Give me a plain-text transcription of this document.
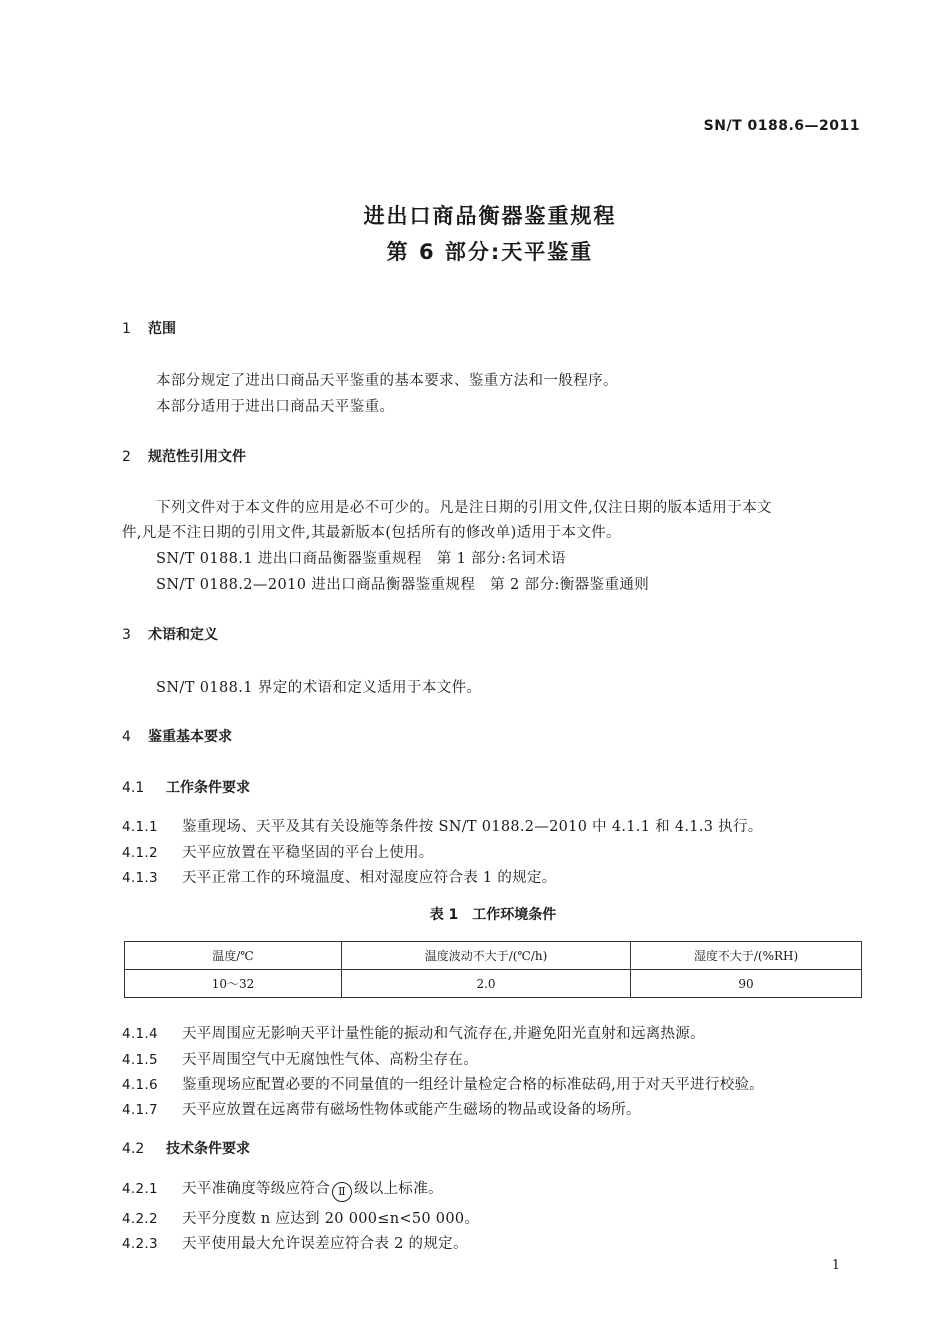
SN/T 0188.6—2011
进出口商品衡器鉴重规程
第 6 部分:天平鉴重
1 范围
本部分规定了进出口商品天平鉴重的基本要求、鉴重方法和一般程序。
本部分适用于进出口商品天平鉴重。
2 规范性引用文件
下列文件对于本文件的应用是必不可少的。凡是注日期的引用文件,仅注日期的版本适用于本文
件,凡是不注日期的引用文件,其最新版本(包括所有的修改单)适用于本文件。
SN/T 0188.1 进出口商品衡器鉴重规程　第 1 部分:名词术语
SN/T 0188.2—2010 进出口商品衡器鉴重规程　第 2 部分:衡器鉴重通则
3 术语和定义
SN/T 0188.1 界定的术语和定义适用于本文件。
4 鉴重基本要求
4.1 工作条件要求
4.1.1 鉴重现场、天平及其有关设施等条件按 SN/T 0188.2—2010 中 4.1.1 和 4.1.3 执行。
4.1.2 天平应放置在平稳坚固的平台上使用。
4.1.3 天平正常工作的环境温度、相对湿度应符合表 1 的规定。
表 1　工作环境条件
温度/℃	温度波动不大于/(℃/h)	湿度不大于/(%RH)
10～32	2.0	90
4.1.4 天平周围应无影响天平计量性能的振动和气流存在,并避免阳光直射和远离热源。
4.1.5 天平周围空气中无腐蚀性气体、高粉尘存在。
4.1.6 鉴重现场应配置必要的不同量值的一组经计量检定合格的标准砝码,用于对天平进行校验。
4.1.7 天平应放置在远离带有磁场性物体或能产生磁场的物品或设备的场所。
4.2 技术条件要求
4.2.1 天平准确度等级应符合 Ⅱ 级以上标准。
4.2.2 天平分度数 n 应达到 20 000≤n<50 000。
4.2.3 天平使用最大允许误差应符合表 2 的规定。
1
